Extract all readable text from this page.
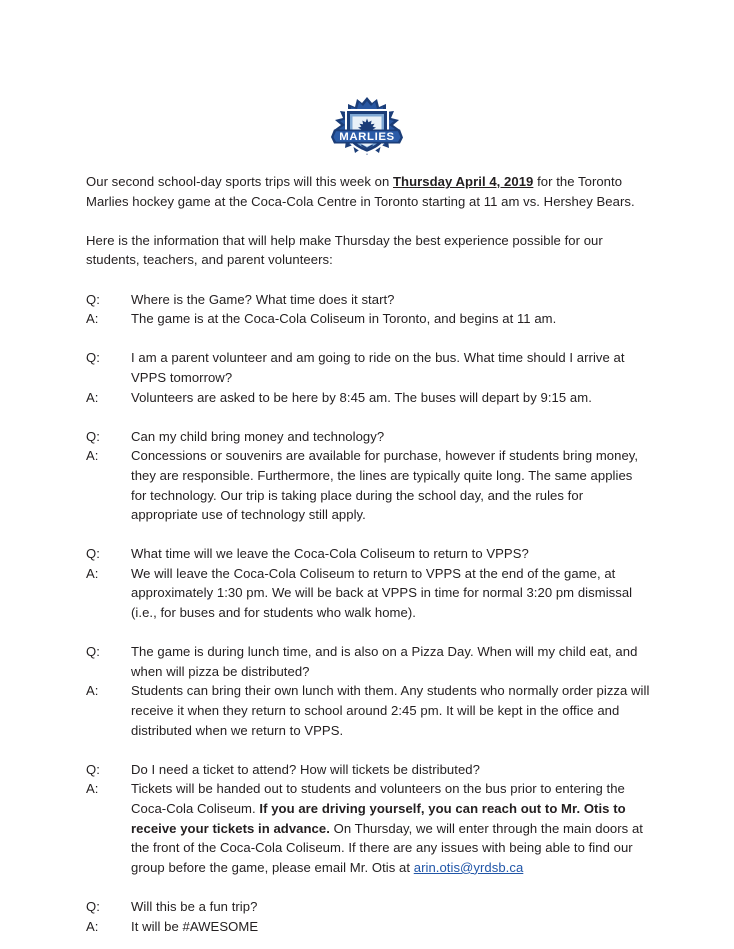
MARLIES

Our second school-day sports trips will this week on Thursday April 4, 2019 for the Toronto Marlies hockey game at the Coca-Cola Centre in Toronto starting at 11 am vs. Hershey Bears.

Here is the information that will help make Thursday the best experience possible for our students, teachers, and parent volunteers:

Q:	Where is the Game? What time does it start?
A:	The game is at the Coca-Cola Coliseum in Toronto, and begins at 11 am.
Q:	I am a parent volunteer and am going to ride on the bus. What time should I arrive at VPPS tomorrow?
A:	Volunteers are asked to be here by 8:45 am. The buses will depart by 9:15 am.
Q:	Can my child bring money and technology?
A:	Concessions or souvenirs are available for purchase, however if students bring money, they are responsible. Furthermore, the lines are typically quite long. The same applies for technology. Our trip is taking place during the school day, and the rules for appropriate use of technology still apply.
Q:	What time will we leave the Coca-Cola Coliseum to return to VPPS?
A:	We will leave the Coca-Cola Coliseum to return to VPPS at the end of the game, at approximately 1:30 pm. We will be back at VPPS in time for normal 3:20 pm dismissal (i.e., for buses and for students who walk home).
Q:	The game is during lunch time, and is also on a Pizza Day. When will my child eat, and when will pizza be distributed?
A:	Students can bring their own lunch with them. Any students who normally order pizza will receive it when they return to school around 2:45 pm. It will be kept in the office and distributed when we return to VPPS.
Q:	Do I need a ticket to attend? How will tickets be distributed?
A:	Tickets will be handed out to students and volunteers on the bus prior to entering the Coca-Cola Coliseum. If you are driving yourself, you can reach out to Mr. Otis to receive your tickets in advance. On Thursday, we will enter through the main doors at the front of the Coca-Cola Coliseum. If there are any issues with being able to find our group before the game, please email Mr. Otis at arin.otis@yrdsb.ca
Q:	Will this be a fun trip?
A:	It will be #AWESOME
